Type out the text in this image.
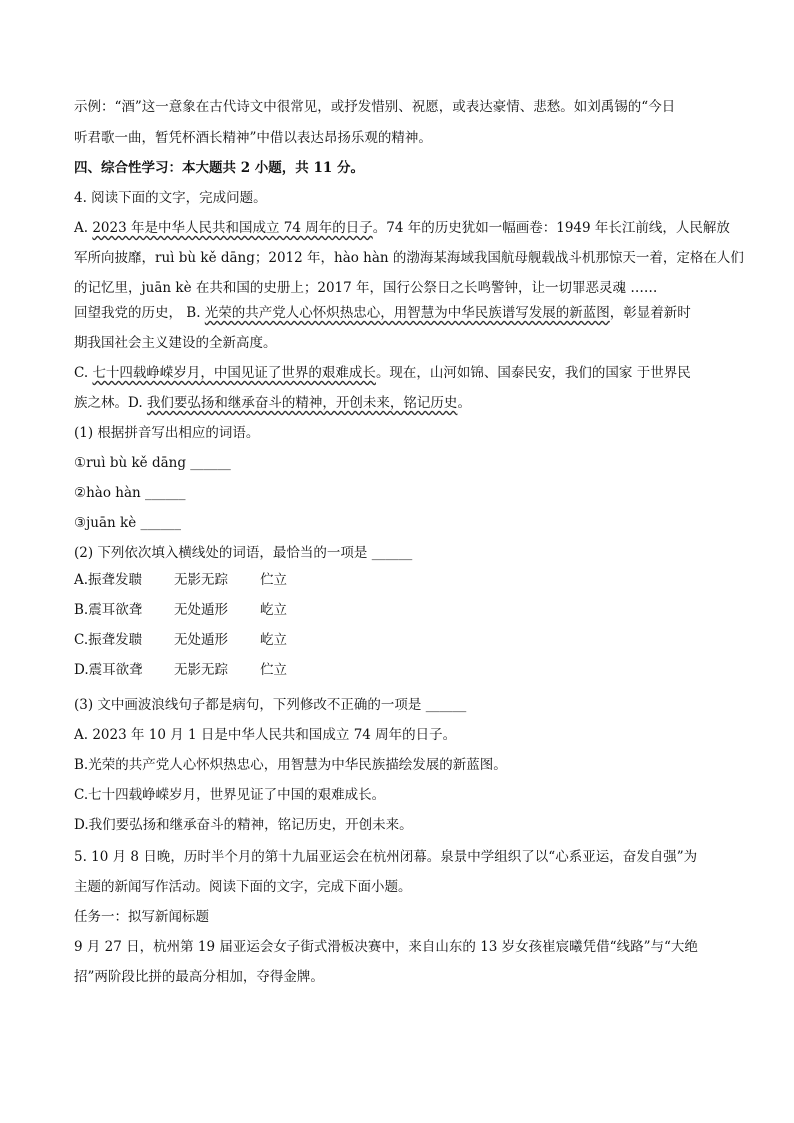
示例：“酒”这一意象在古代诗文中很常见，或抒发惜别、祝愿，或表达豪情、悲愁。如刘禹锡的“今日
听君歌一曲，暂凭杯酒长精神”中借以表达昂扬乐观的精神。
四、综合性学习：本大题共 2 小题，共 11 分。
4. 阅读下面的文字，完成问题。
A. 2023 年是中华人民共和国成立 74 周年的日子。74 年的历史犹如一幅画卷：1949 年长江前线，人民解放
军所向披靡，ruì bù kě dāng；2012 年，hào hàn 的渤海某海域我国航母舰载战斗机那惊天一着，定格在人们
的记忆里，juān kè 在共和国的史册上；2017 年，国行公祭日之长鸣警钟，让一切罪恶灵魂 ……
回望我党的历史， B. 光荣的共产党人心怀炽热忠心，用智慧为中华民族谱写发展的新蓝图，彰显着新时
期我国社会主义建设的全新高度。
C. 七十四载峥嵘岁月，中国见证了世界的艰难成长。现在，山河如锦、国泰民安，我们的国家 于世界民
族之林。D. 我们要弘扬和继承奋斗的精神，开创未来，铭记历史。
(1) 根据拼音写出相应的词语。
①ruì bù kě dāng ______
②hào hàn ______
③juān kè ______
(2) 下列依次填入横线处的词语，最恰当的一项是 ______
A.振聋发聩 无影无踪 伫立
B.震耳欲聋 无处遁形 屹立
C.振聋发聩 无处遁形 屹立
D.震耳欲聋 无影无踪 伫立
(3) 文中画波浪线句子都是病句，下列修改不正确的一项是 ______
A. 2023 年 10 月 1 日是中华人民共和国成立 74 周年的日子。
B.光荣的共产党人心怀炽热忠心，用智慧为中华民族描绘发展的新蓝图。
C.七十四载峥嵘岁月，世界见证了中国的艰难成长。
D.我们要弘扬和继承奋斗的精神，铭记历史，开创未来。
5. 10 月 8 日晚，历时半个月的第十九届亚运会在杭州闭幕。泉景中学组织了以“心系亚运，奋发自强”为
主题的新闻写作活动。阅读下面的文字，完成下面小题。
任务一：拟写新闻标题
9 月 27 日，杭州第 19 届亚运会女子街式滑板决赛中，来自山东的 13 岁女孩崔宸曦凭借“线路”与“大绝
招”两阶段比拼的最高分相加，夺得金牌。
